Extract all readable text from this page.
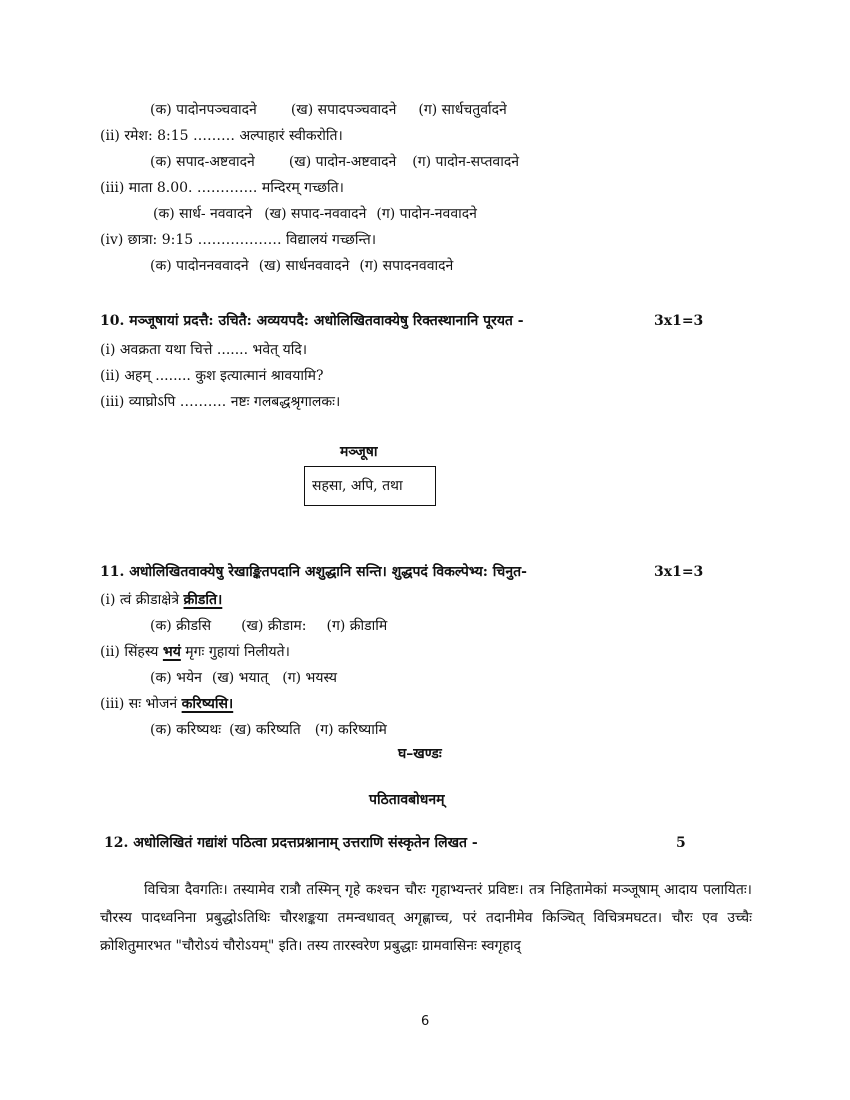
(क) पादोनपञ्चवादने (ख) सपादपञ्चवादने (ग) सार्धचतुर्वादने
(ii) रमेश: 8:15 ……… अल्पाहारं स्वीकरोति।
(क) सपाद-अष्टवादने (ख) पादोन-अष्टवादने (ग) पादोन-सप्तवादने
(iii) माता 8.00. …………. मन्दिरम् गच्छति।
(क) सार्ध- नववादने (ख) सपाद-नववादने (ग) पादोन-नववादने
(iv) छात्रा: 9:15 ……………… विद्यालयं गच्छन्ति।
(क) पादोननववादने (ख) सार्धनववादने (ग) सपादनववादने
10. मञ्जूषायां प्रदत्तै: उचितै: अव्ययपदै: अधोलिखितवाक्येषु रिक्तस्थानानि पूरयत -	3x1=3
(i) अवक्रता यथा चित्ते ....... भवेत् यदि।
(ii) अहम् ........ कुश इत्यात्मानं श्रावयामि?
(iii) व्याघ्रोऽपि ………. नष्टः गलबद्धश्रृगालकः।
मञ्जूषा
सहसा, अपि, तथा
11. अधोलिखितवाक्येषु रेखाङ्कितपदानि अशुद्धानि सन्ति। शुद्धपदं विकल्पेभ्य: चिनुत-	3x1=3
(i) त्वं क्रीडाक्षेत्रे क्रीडति।
(क) क्रीडसि (ख) क्रीडाम: (ग) क्रीडामि
(ii) सिंहस्य भयं मृगः गुहायां निलीयते।
(क) भयेन (ख) भयात् (ग) भयस्य
(iii) सः भोजनं करिष्यसि।
(क) करिष्यथः (ख) करिष्यति (ग) करिष्यामि
घ–खण्डः
पठितावबोधनम्
12. अधोलिखितं गद्यांशं पठित्वा प्रदत्तप्रश्नानाम् उत्तराणि संस्कृतेन लिखत -	5
विचित्रा दैवगतिः। तस्यामेव रात्रौ तस्मिन् गृहे कश्चन चौरः गृहाभ्यन्तरं प्रविष्टः। तत्र निहितामेकां मञ्जूषाम् आदाय पलायितः। चौरस्य पादध्वनिना प्रबुद्धोऽतिथिः चौरशङ्कया तमन्वधावत् अगृह्णाच्च, परं तदानीमेव किञ्चित् विचित्रमघटत। चौरः एव उच्चैः क्रोशितुमारभत "चौरोऽयं चौरोऽयम्" इति। तस्य तारस्वरेण प्रबुद्धाः ग्रामवासिनः स्वगृहाद्
6
